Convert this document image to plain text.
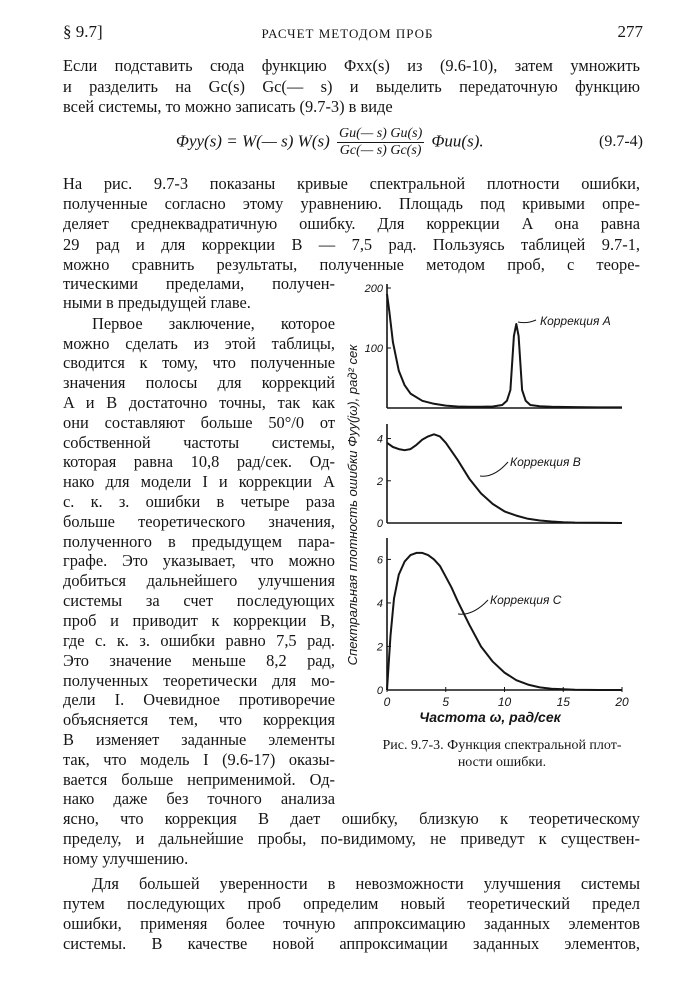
§ 9.7]	РАСЧЕТ МЕТОДОМ ПРОБ	277
Если подставить сюда функцию Φxx(s) из (9.6-10), затем умножить
и разделить на Gc(s) Gc(— s) и выделить передаточную функцию
всей системы, то можно записать (9.7-3) в виде
Φyy(s) = W(— s) $W(s) \frac{Gu(— s) Gu(s)}{Gc(— s) Gc(s)} \Phi uu(s)$.	(9.7-4)
На рис. 9.7-3 показаны кривые спектральной плотности ошибки,
полученные согласно этому уравнению. Площадь под кривыми опре-
деляет среднеквадратичную ошибку. Для коррекции A она равна
29 рад и для коррекции B — 7,5 рад. Пользуясь таблицей 9.7-1,
можно сравнить результаты, полученные методом проб, с теоре-
тическими пределами, получен-
ными в предыдущей главе.
Первое заключение, которое
можно сделать из этой таблицы,
сводится к тому, что полученные
значения полосы для коррекций
A и B достаточно точны, так как
они составляют больше 50°/0 от
собственной частоты системы,
которая равна 10,8 рад/сек. Од-
нако для модели I и коррекции A
с. к. з. ошибки в четыре раза
больше теоретического значения,
полученного в предыдущем пара-
графе. Это указывает, что можно
добиться дальнейшего улучшения
системы за счет последующих
проб и приводит к коррекции B,
где с. к. з. ошибки равно 7,5 рад.
Это значение меньше 8,2 рад,
полученных теоретически для мо-
дели I. Очевидное противоречие
объясняется тем, что коррекция
B изменяет заданные элементы
так, что модель I (9.6-17) оказы-
вается больше неприменимой. Од-
нако даже без точного анализа
ясно, что коррекция B дает ошибку, близкую к теоретическому
пределу, и дальнейшие пробы, по-видимому, не приведут к существен-
ному улучшению.
Для большей уверенности в невозможности улучшения системы
путем последующих проб определим новый теоретический предел
ошибки, применяя более точную аппроксимацию заданных элементов
системы. В качестве новой аппроксимации заданных элементов,
Спектральная плотность ошибки Φyy(jω), рад² сек 100
200
Коррекция A
0
2
4
Коррекция B
0
2
4
6
Коррекция C
0	5	10	15	20
Частота ω, рад/сек
Рис. 9.7-3. Функция спектральной плот-
ности ошибки.
